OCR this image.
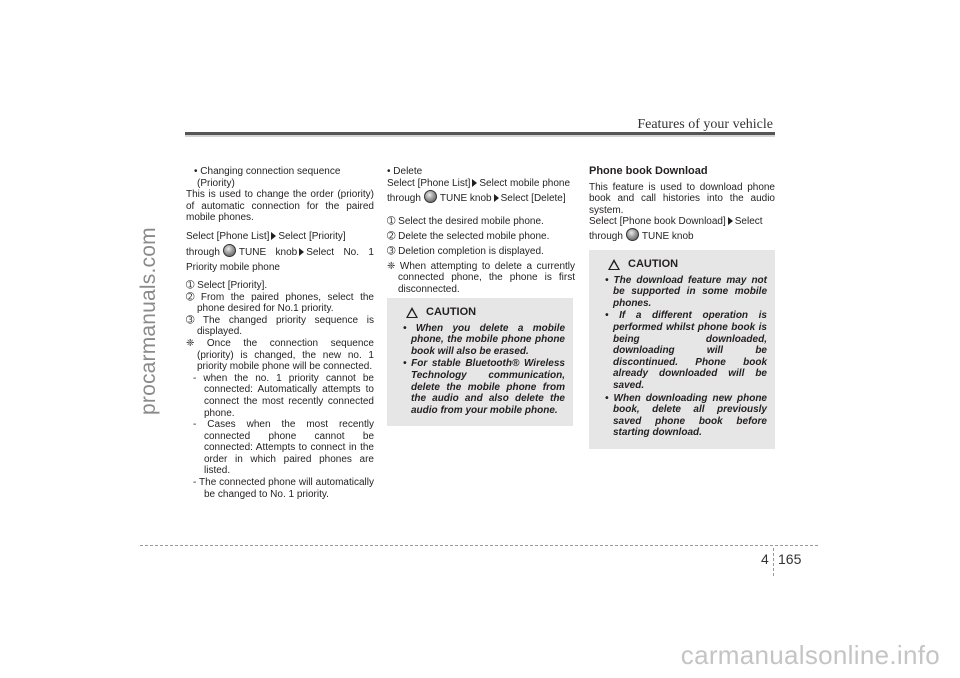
Features of your vehicle
procarmanuals.com

• Changing connection sequence

(Priority)

This is used to change the order (priority) of automatic connection for the paired mobile phones.

Select [Phone List] Select [Priority]
through TUNE knob Select No. 1 Priority mobile phone

➀ Select [Priority].

➁ From the paired phones, select the phone desired for No.1 priority.

➂ The changed priority sequence is displayed.

❈ Once the connection sequence (priority) is changed, the new no. 1 priority mobile phone will be connected.

- when the no. 1 priority cannot be connected: Automatically attempts to connect the most recently connected phone.

- Cases when the most recently connected phone cannot be connected: Attempts to connect in the order in which paired phones are listed.

- The connected phone will automatically be changed to No. 1 priority.

• Delete

Select [Phone List] Select mobile phone
through TUNE knob Select [Delete]

➀ Select the desired mobile phone.

➁ Delete the selected mobile phone.

➂ Deletion completion is displayed.

❈ When attempting to delete a currently connected phone, the phone is first disconnected.

CAUTION
• When you delete a mobile phone, the mobile phone phone book will also be erased.
• For stable Bluetooth® Wireless Technology communication, delete the mobile phone from the audio and also delete the audio from your mobile phone.

Phone book Download

This feature is used to download phone book and call histories into the audio system.

Select [Phone book Download] Select
through TUNE knob

CAUTION
• The download feature may not be supported in some mobile phones.
• If a different operation is performed whilst phone book is being downloaded, downloading will be discontinued. Phone book already downloaded will be saved.
• When downloading new phone book, delete all previously saved phone book before starting download.
4 165
carmanualsonline.info
